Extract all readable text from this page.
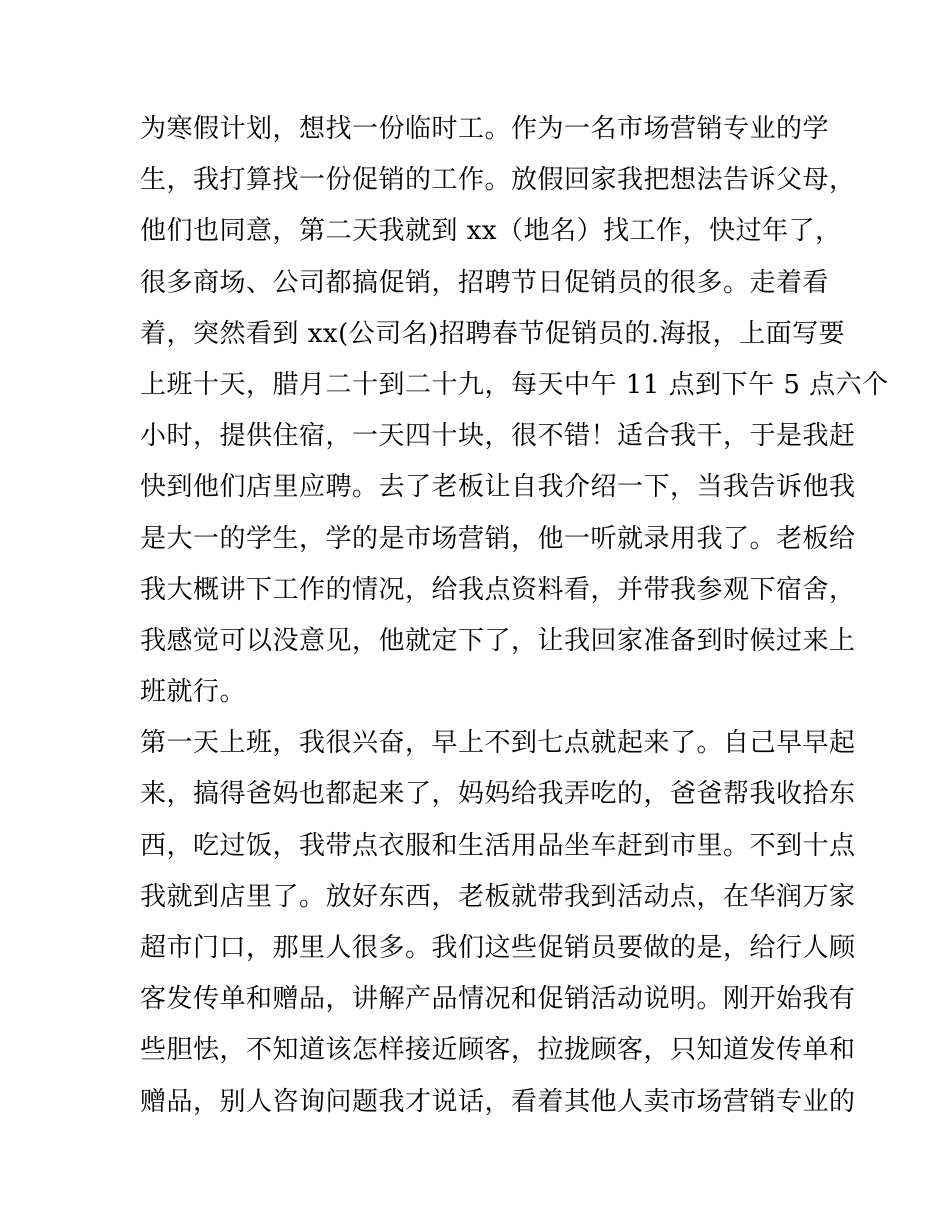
为寒假计划，想找一份临时工。作为一名市场营销专业的学
生，我打算找一份促销的工作。放假回家我把想法告诉父母，
他们也同意，第二天我就到 xx（地名）找工作，快过年了，
很多商场、公司都搞促销，招聘节日促销员的很多。走着看
着，突然看到 xx(公司名)招聘春节促销员的.海报，上面写要
上班十天，腊月二十到二十九，每天中午 11 点到下午 5 点六个
小时，提供住宿，一天四十块，很不错！适合我干，于是我赶
快到他们店里应聘。去了老板让自我介绍一下，当我告诉他我
是大一的学生，学的是市场营销，他一听就录用我了。老板给
我大概讲下工作的情况，给我点资料看，并带我参观下宿舍，
我感觉可以没意见，他就定下了，让我回家准备到时候过来上
班就行。
第一天上班，我很兴奋，早上不到七点就起来了。自己早早起
来，搞得爸妈也都起来了，妈妈给我弄吃的，爸爸帮我收拾东
西，吃过饭，我带点衣服和生活用品坐车赶到市里。不到十点
我就到店里了。放好东西，老板就带我到活动点，在华润万家
超市门口，那里人很多。我们这些促销员要做的是，给行人顾
客发传单和赠品，讲解产品情况和促销活动说明。刚开始我有
些胆怯，不知道该怎样接近顾客，拉拢顾客，只知道发传单和
赠品，别人咨询问题我才说话，看着其他人卖市场营销专业的
